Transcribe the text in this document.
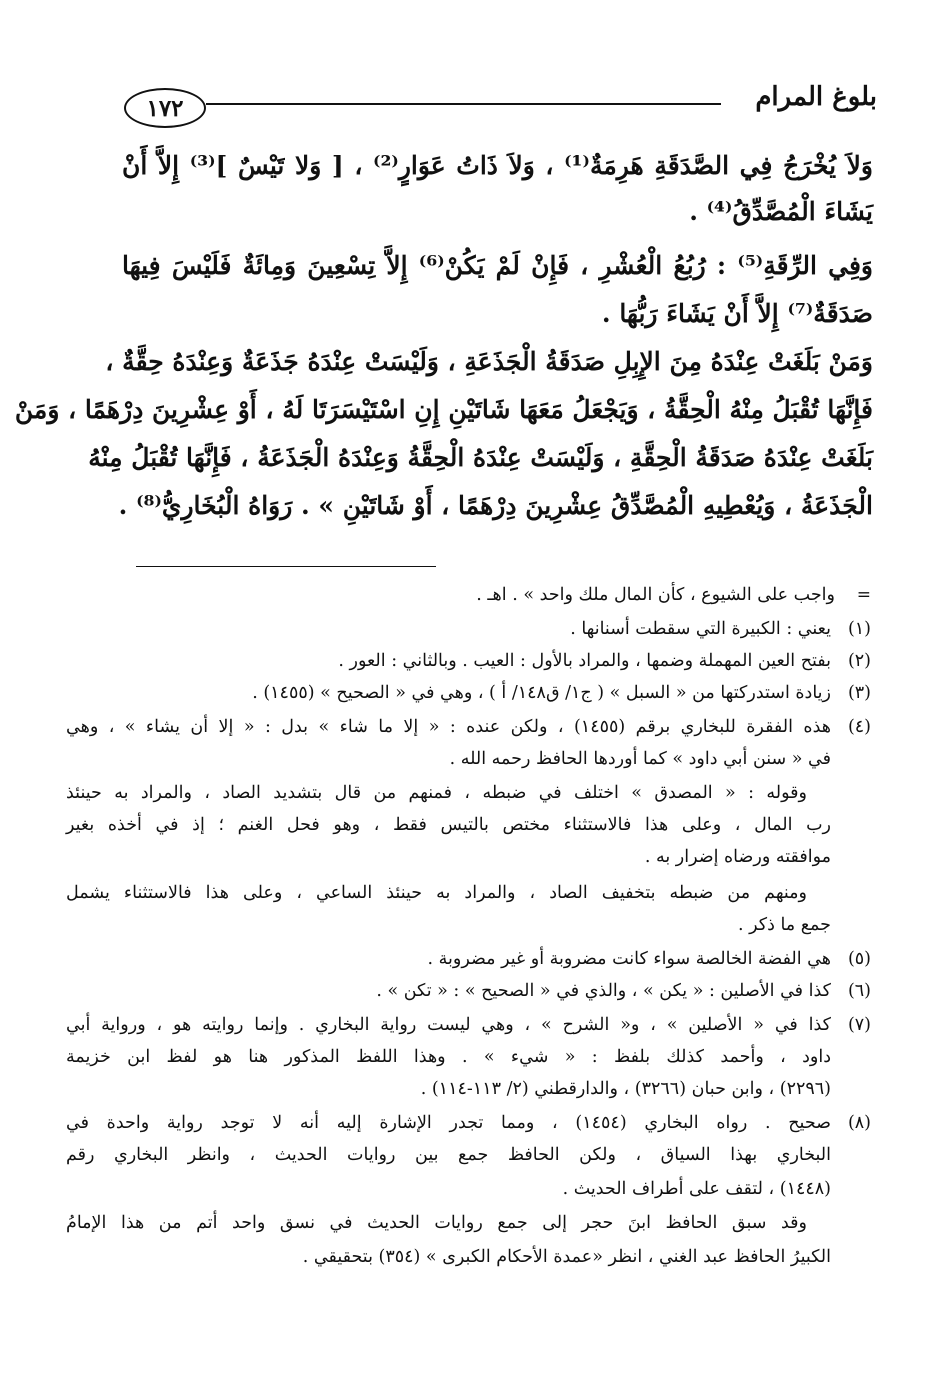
بلوغ المرام
١٧٢
وَلاَ يُخْرَجُ فِي الصَّدَقَةِ هَرِمَةٌ⁽¹⁾ ، وَلاَ ذَاتُ عَوَارٍ⁽²⁾ ، [ وَلا تَيْسٌ ]⁽³⁾ إِلاَّ أَنْ
يَشَاءَ الْمُصَّدِّقُ⁽⁴⁾ .
وَفِي الرِّقَةِ⁽⁵⁾ : رُبُعُ الْعُشْرِ ، فَإِنْ لَمْ يَكُنْ⁽⁶⁾ إِلاَّ تِسْعِينَ وَمِائَةٌ فَلَيْسَ فِيهَا
صَدَقَةٌ⁽⁷⁾ إِلاَّ أَنْ يَشَاءَ رَبُّهَا .
وَمَنْ بَلَغَتْ عِنْدَهُ مِنَ الإِبِلِ صَدَقَةُ الْجَذَعَةِ ، وَلَيْسَتْ عِنْدَهُ جَذَعَةٌ وَعِنْدَهُ حِقَّةٌ ،
فَإِنَّهَا تُقْبَلُ مِنْهُ الْحِقَّةُ ، وَيَجْعَلُ مَعَهَا شَاتَيْنِ إِنِ اسْتَيْسَرَتَا لَهُ ، أَوْ عِشْرِينَ دِرْهَمًا ، وَمَنْ
بَلَغَتْ عِنْدَهُ صَدَقَةُ الْحِقَّةِ ، وَلَيْسَتْ عِنْدَهُ الْحِقَّةُ وَعِنْدَهُ الْجَذَعَةُ ، فَإِنَّهَا تُقْبَلُ مِنْهُ
الْجَذَعَةُ ، وَيُعْطِيهِ الْمُصَّدِّقُ عِشْرِينَ دِرْهَمًا ، أَوْ شَاتَيْنِ » . رَوَاهُ الْبُخَارِيُّ⁽⁸⁾ .
=
واجب على الشيوع ، كأن المال ملك واحد » . اهـ .
(١)
يعني : الكبيرة التي سقطت أسنانها .
(٢)
بفتح العين المهملة وضمها ، والمراد بالأول : العيب . وبالثاني : العور .
(٣)
زيادة استدركتها من « السبل » ( ج١/ ق١٤٨/ أ ) ، وهي في « الصحيح » (١٤٥٥) .
(٤)
هذه الفقرة للبخاري برقم (١٤٥٥) ، ولكن عنده : « إلا ما شاء » بدل : « إلا أن يشاء » ، وهي
في « سنن أبي داود » كما أوردها الحافظ رحمه الله .
وقوله : « المصدق » اختلف في ضبطه ، فمنهم من قال بتشديد الصاد ، والمراد به حينئذ
رب المال ، وعلى هذا فالاستثناء مختص بالتيس فقط ، وهو فحل الغنم ؛ إذ في أخذه بغير
موافقته ورضاه إضرار به .
ومنهم من ضبطه بتخفيف الصاد ، والمراد به حينئذ الساعي ، وعلى هذا فالاستثناء يشمل
جمع ما ذكر .
(٥)
هي الفضة الخالصة سواء كانت مضروبة أو غير مضروبة .
(٦)
كذا في الأصلين : « يكن » ، والذي في « الصحيح » : « تكن » .
(٧)
كذا في « الأصلين » ، و« الشرح » ، وهي ليست رواية البخاري . وإنما روايته هو ، ورواية أبي
داود ، وأحمد كذلك بلفظ : « شيء » . وهذا اللفظ المذكور هنا هو لفظ ابن خزيمة
(٢٢٩٦) ، وابن حبان (٣٢٦٦) ، والدارقطني (٢/ ١١٣-١١٤) .
(٨)
صحيح . رواه البخاري (١٤٥٤) ، ومما تجدر الإشارة إليه أنه لا توجد رواية واحدة في
البخاري بهذا السياق ، ولكن الحافظ جمع بين روايات الحديث ، وانظر البخاري رقم
(١٤٤٨) ، لتقف على أطراف الحديث .
وقد سبق الحافظ ابنَ حجر إلى جمع روايات الحديث في نسق واحد أتم من هذا الإمامُ
الكبيرُ الحافظ عبد الغني ، انظر «عمدة الأحكام الكبرى » (٣٥٤) بتحقيقي .
